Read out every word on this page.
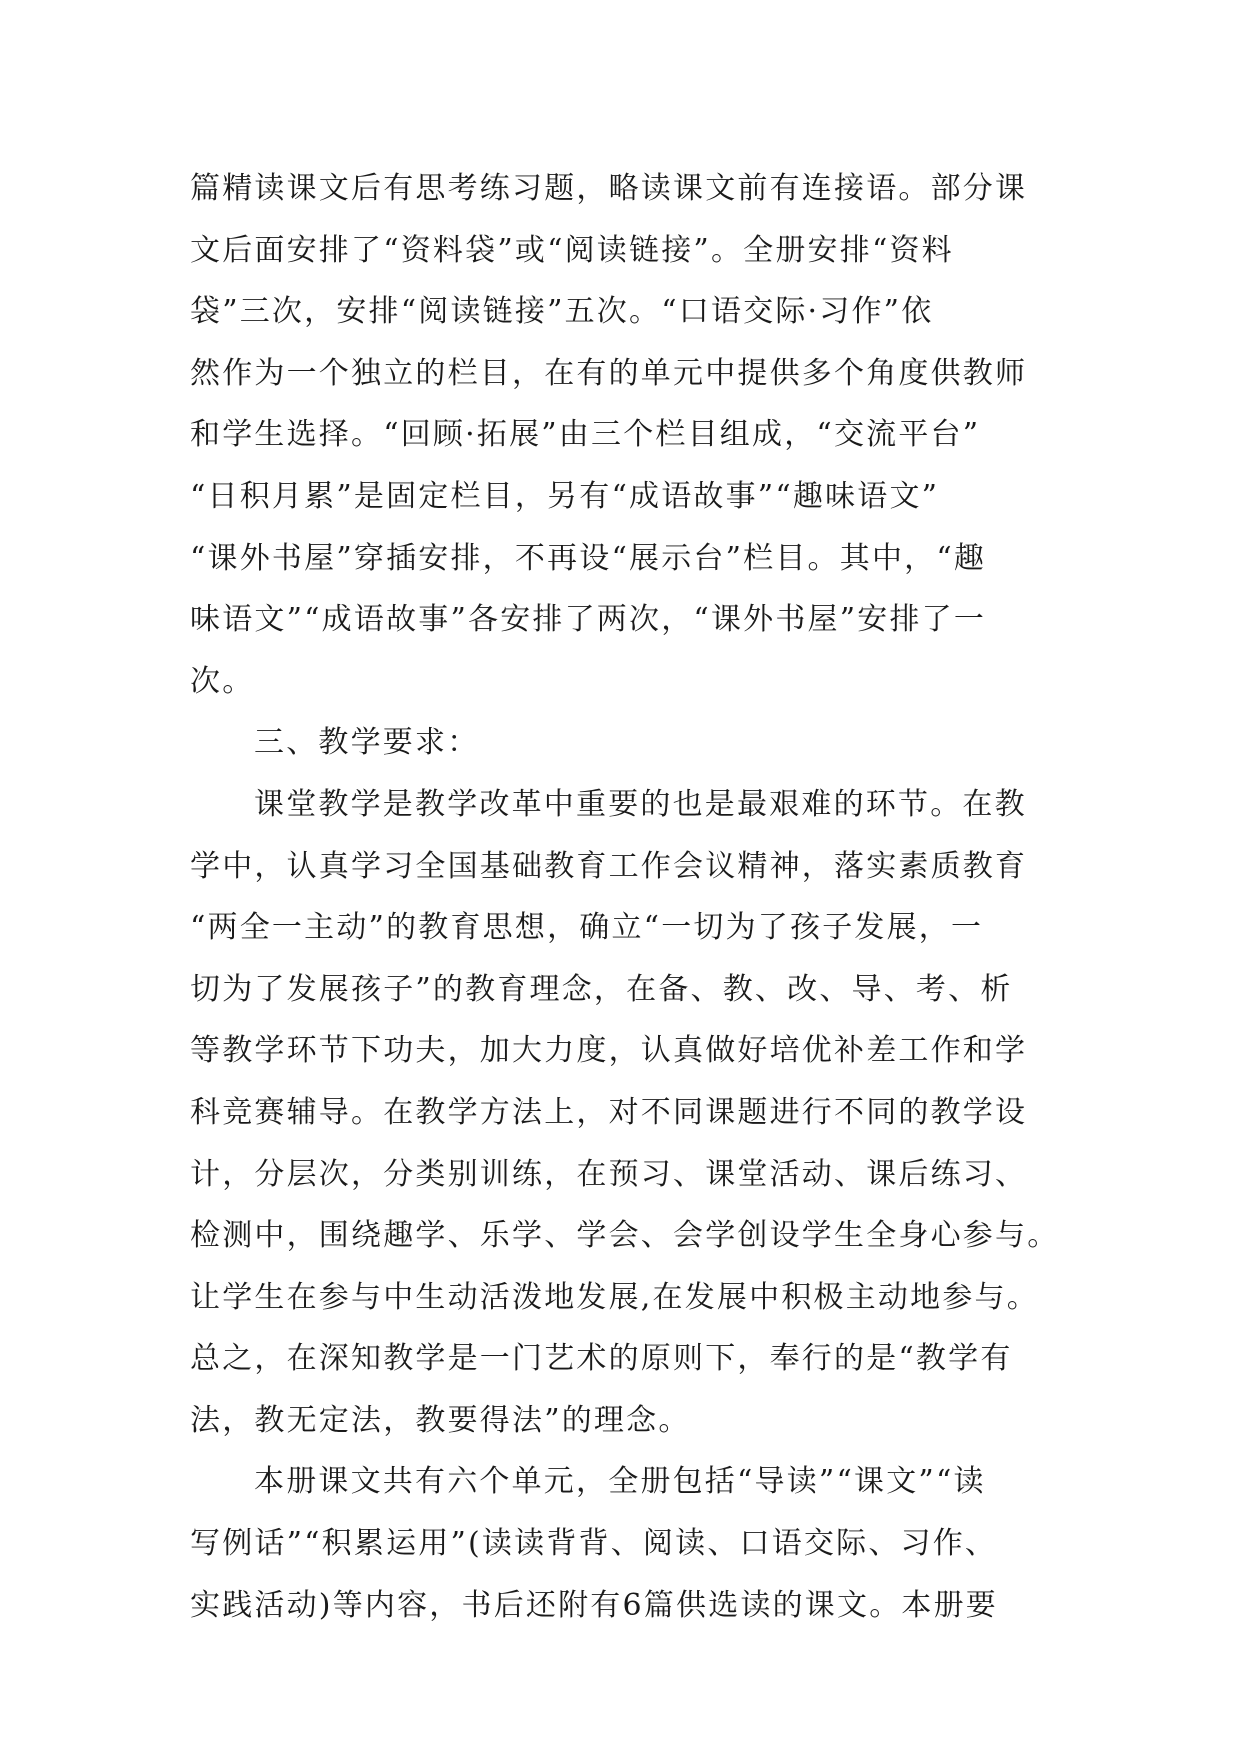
篇精读课文后有思考练习题，略读课文前有连接语。部分课
文后面安排了“资料袋”或“阅读链接”。全册安排“资料
袋”三次，安排“阅读链接”五次。“口语交际·习作”依
然作为一个独立的栏目，在有的单元中提供多个角度供教师
和学生选择。“回顾·拓展”由三个栏目组成，“交流平台”
“日积月累”是固定栏目，另有“成语故事”“趣味语文”
“课外书屋”穿插安排，不再设“展示台”栏目。其中，“趣
味语文”“成语故事”各安排了两次，“课外书屋”安排了一
次。
三、教学要求：
课堂教学是教学改革中重要的也是最艰难的环节。在教
学中，认真学习全国基础教育工作会议精神，落实素质教育
“两全一主动”的教育思想，确立“一切为了孩子发展，一
切为了发展孩子”的教育理念，在备、教、改、导、考、析
等教学环节下功夫，加大力度，认真做好培优补差工作和学
科竞赛辅导。在教学方法上，对不同课题进行不同的教学设
计，分层次，分类别训练，在预习、课堂活动、课后练习、
检测中，围绕趣学、乐学、学会、会学创设学生全身心参与。
让学生在参与中生动活泼地发展,在发展中积极主动地参与。
总之，在深知教学是一门艺术的原则下，奉行的是“教学有
法，教无定法，教要得法”的理念。
本册课文共有六个单元，全册包括“导读”“课文”“读
写例话”“积累运用”(读读背背、阅读、口语交际、习作、
实践活动)等内容，书后还附有6篇供选读的课文。本册要
